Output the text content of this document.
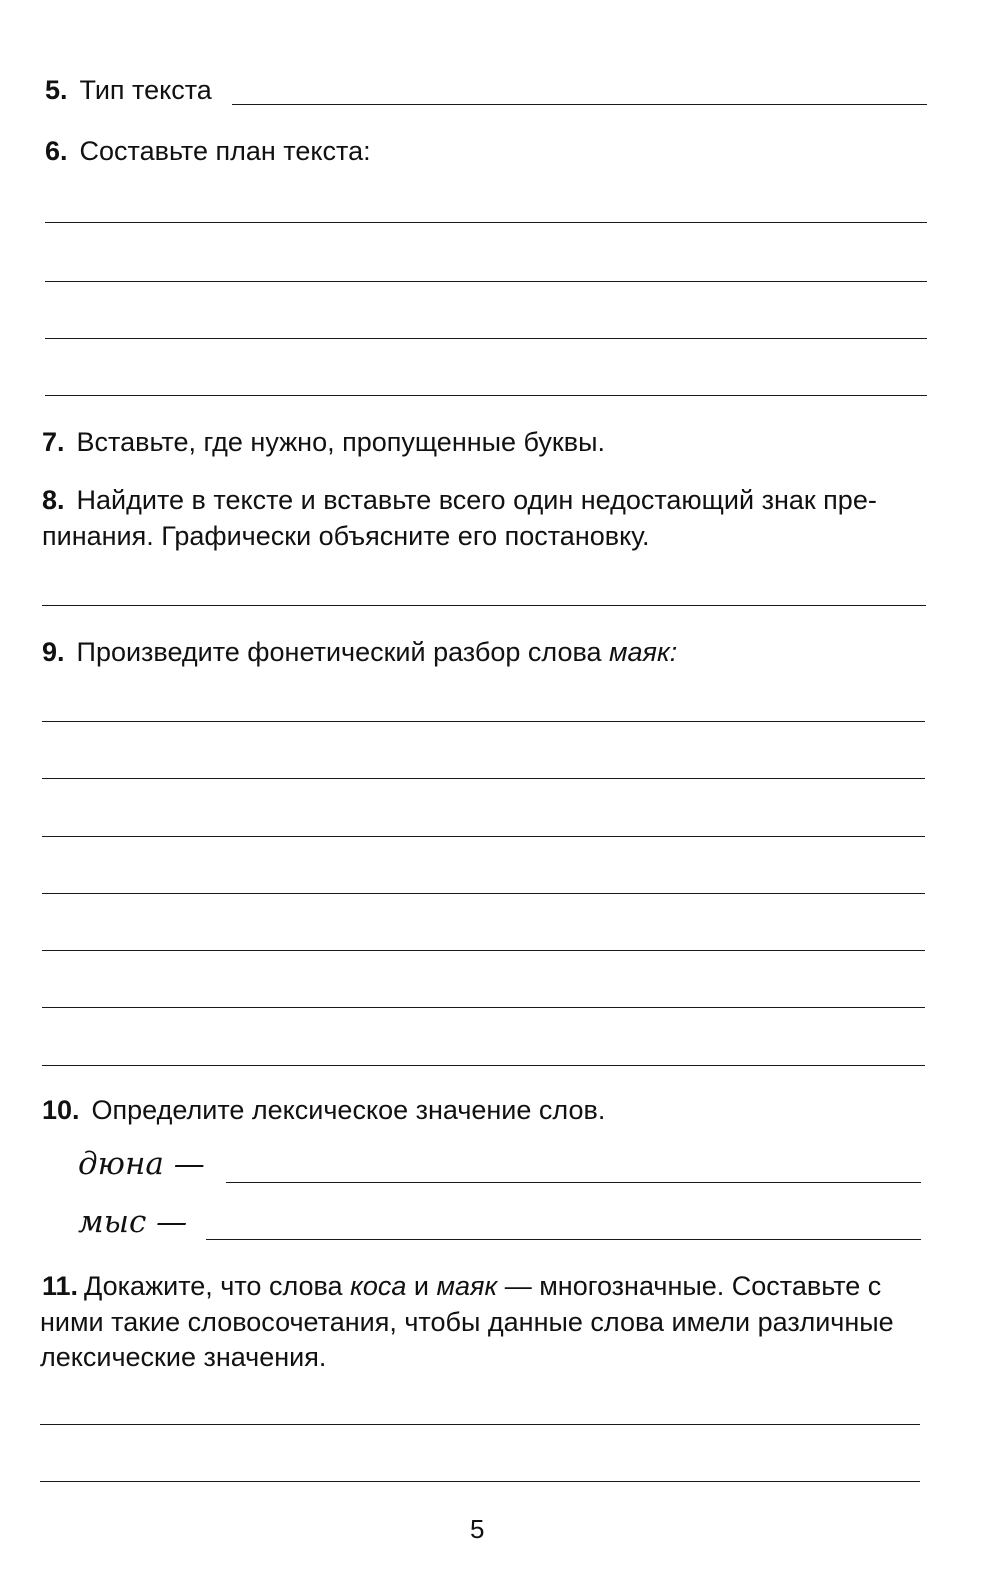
5. Тип текста
6. Составьте план текста:
7. Вставьте, где нужно, пропущенные буквы.
8. Найдите в тексте и вставьте всего один недостающий знак пре-
пинания. Графически объясните его постановку.
9. Произведите фонетический разбор слова маяк:
10. Определите лексическое значение слов.
дюна —
мыс —
11. Докажите, что слова коса и маяк — многозначные. Составьте с
ними такие словосочетания, чтобы данные слова имели различные
лексические значения.
5
